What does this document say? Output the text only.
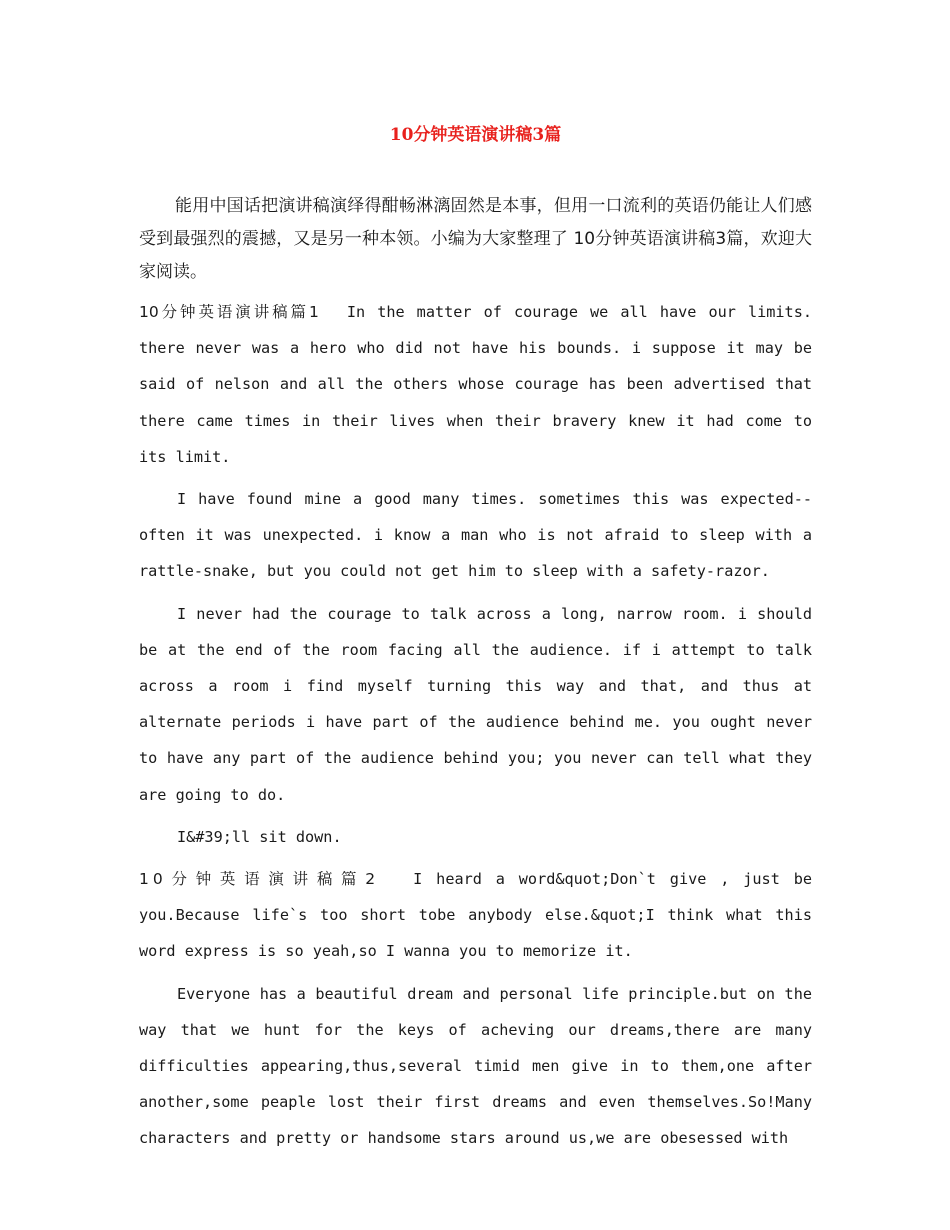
10分钟英语演讲稿3篇

能用中国话把演讲稿演绎得酣畅淋漓固然是本事，但用一口流利的英语仍能让人们感受到最强烈的震撼，又是另一种本领。小编为大家整理了 10分钟英语演讲稿3篇，欢迎大家阅读。

10分钟英语演讲稿篇1 In the matter of courage we all have our limits. there never was a hero who did not have his bounds. i suppose it may be said of nelson and all the others whose courage has been advertised that there came times in their lives when their bravery knew it had come to its limit.

I have found mine a good many times. sometimes this was expected--often it was unexpected. i know a man who is not afraid to sleep with a rattle-snake, but you could not get him to sleep with a safety-razor.

I never had the courage to talk across a long, narrow room. i should be at the end of the room facing all the audience. if i attempt to talk across a room i find myself turning this way and that, and thus at alternate periods i have part of the audience behind me. you ought never to have any part of the audience behind you; you never can tell what they are going to do.

I&#39;ll sit down.

10分钟英语演讲稿篇2 I heard a word&quot;Don`t give , just be you.Because life`s too short tobe anybody else.&quot;I think what this word express is so yeah,so I wanna you to memorize it.

Everyone has a beautiful dream and personal life principle.but on the way that we hunt for the keys of acheving our dreams,there are many difficulties appearing,thus,several timid men give in to them,one after another,some peaple lost their first dreams and even themselves.So!Many characters and pretty or handsome stars around us,we are obesessed with
